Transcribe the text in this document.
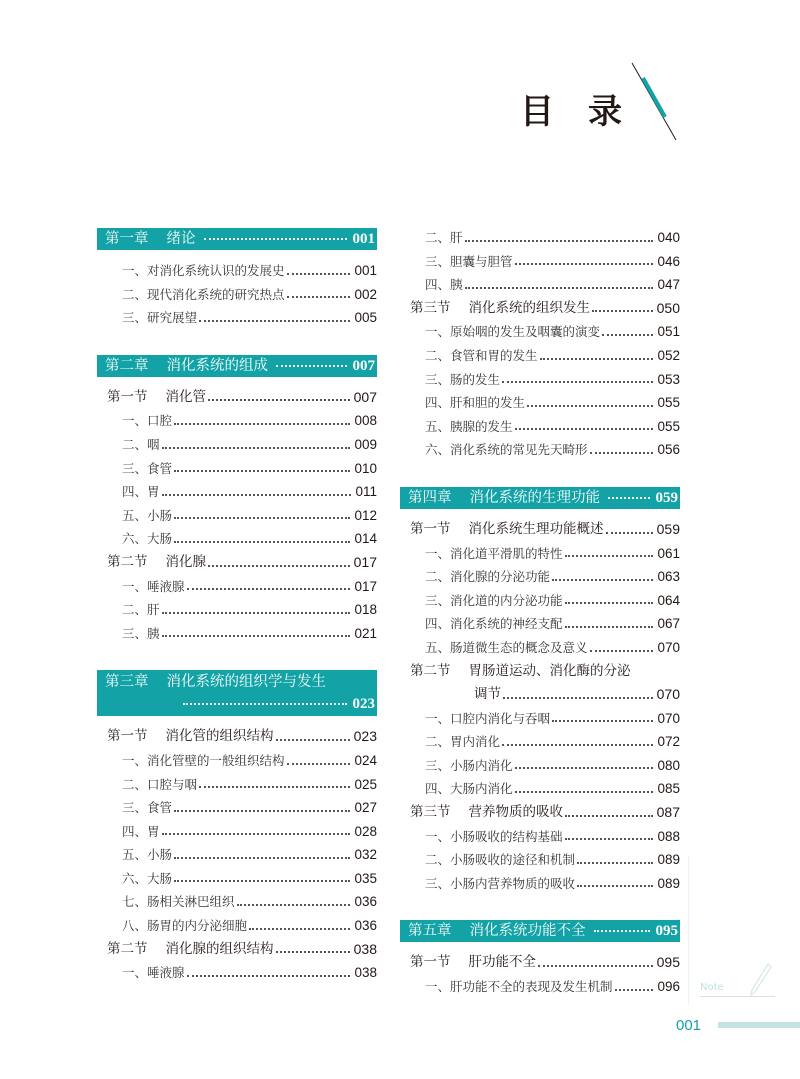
目录
第一章 绪论	001
一、对消化系统认识的发展史	001
二、现代消化系统的研究热点	002
三、研究展望	005
第二章 消化系统的组成	007
第一节 消化管	007
一、口腔	008
二、咽	009
三、食管	010
四、胃	011
五、小肠	012
六、大肠	014
第二节 消化腺	017
一、唾液腺	017
二、肝	018
三、胰	021
第三章 消化系统的组织学与发生
023
第一节 消化管的组织结构	023
一、消化管壁的一般组织结构	024
二、口腔与咽	025
三、食管	027
四、胃	028
五、小肠	032
六、大肠	035
七、肠相关淋巴组织	036
八、肠胃的内分泌细胞	036
第二节 消化腺的组织结构	038
一、唾液腺	038
二、肝	040
三、胆囊与胆管	046
四、胰	047
第三节 消化系统的组织发生	050
一、原始咽的发生及咽囊的演变	051
二、食管和胃的发生	052
三、肠的发生	053
四、肝和胆的发生	055
五、胰腺的发生	055
六、消化系统的常见先天畸形	056
第四章 消化系统的生理功能	059
第一节 消化系统生理功能概述	059
一、消化道平滑肌的特性	061
二、消化腺的分泌功能	063
三、消化道的内分泌功能	064
四、消化系统的神经支配	067
五、肠道微生态的概念及意义	070
第二节 胃肠道运动、消化酶的分泌
调节	070
一、口腔内消化与吞咽	070
二、胃内消化	072
三、小肠内消化	080
四、大肠内消化	085
第三节 营养物质的吸收	087
一、小肠吸收的结构基础	088
二、小肠吸收的途径和机制	089
三、小肠内营养物质的吸收	089
第五章 消化系统功能不全	095
第一节 肝功能不全	095
一、肝功能不全的表现及发生机制	096 Note
001
